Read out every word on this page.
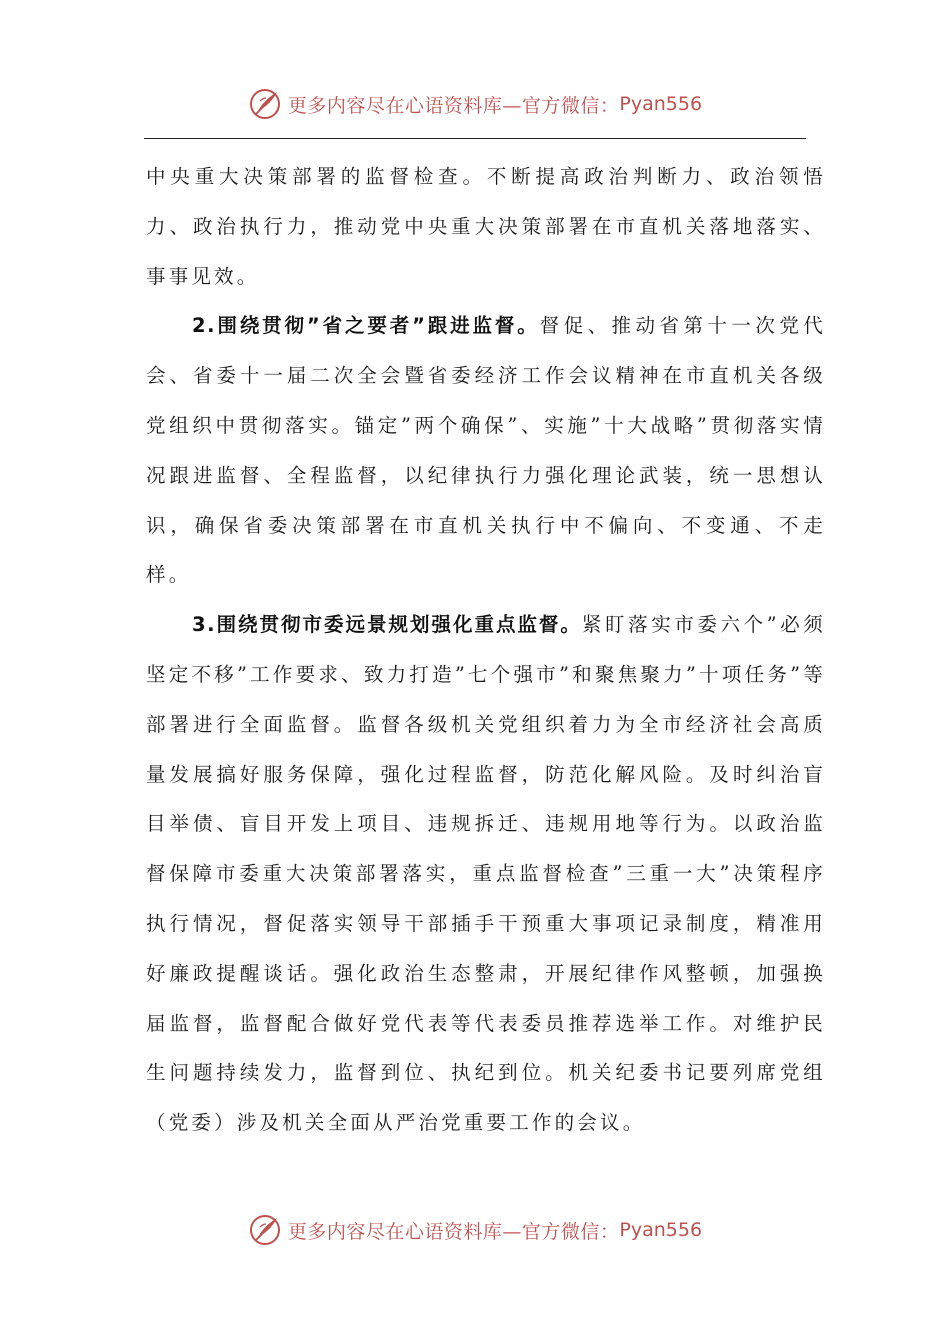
更多内容尽在心语资料库—官方微信： Pyan556

中央重大决策部署的监督检查。不断提高政治判断力、政治领悟力、政治执行力，推动党中央重大决策部署在市直机关落地落实、事事见效。

2.围绕贯彻”省之要者”跟进监督。督促、推动省第十一次党代会、省委十一届二次全会暨省委经济工作会议精神在市直机关各级党组织中贯彻落实。锚定”两个确保”、实施”十大战略”贯彻落实情况跟进监督、全程监督，以纪律执行力强化理论武装，统一思想认识，确保省委决策部署在市直机关执行中不偏向、不变通、不走样。

3.围绕贯彻市委远景规划强化重点监督。紧盯落实市委六个”必须坚定不移”工作要求、致力打造”七个强市”和聚焦聚力”十项任务”等部署进行全面监督。监督各级机关党组织着力为全市经济社会高质量发展搞好服务保障，强化过程监督，防范化解风险。及时纠治盲目举债、盲目开发上项目、违规拆迁、违规用地等行为。以政治监督保障市委重大决策部署落实，重点监督检查”三重一大”决策程序执行情况，督促落实领导干部插手干预重大事项记录制度，精准用好廉政提醒谈话。强化政治生态整肃，开展纪律作风整顿，加强换届监督，监督配合做好党代表等代表委员推荐选举工作。对维护民生问题持续发力，监督到位、执纪到位。机关纪委书记要列席党组（党委）涉及机关全面从严治党重要工作的会议。

更多内容尽在心语资料库—官方微信： Pyan556
